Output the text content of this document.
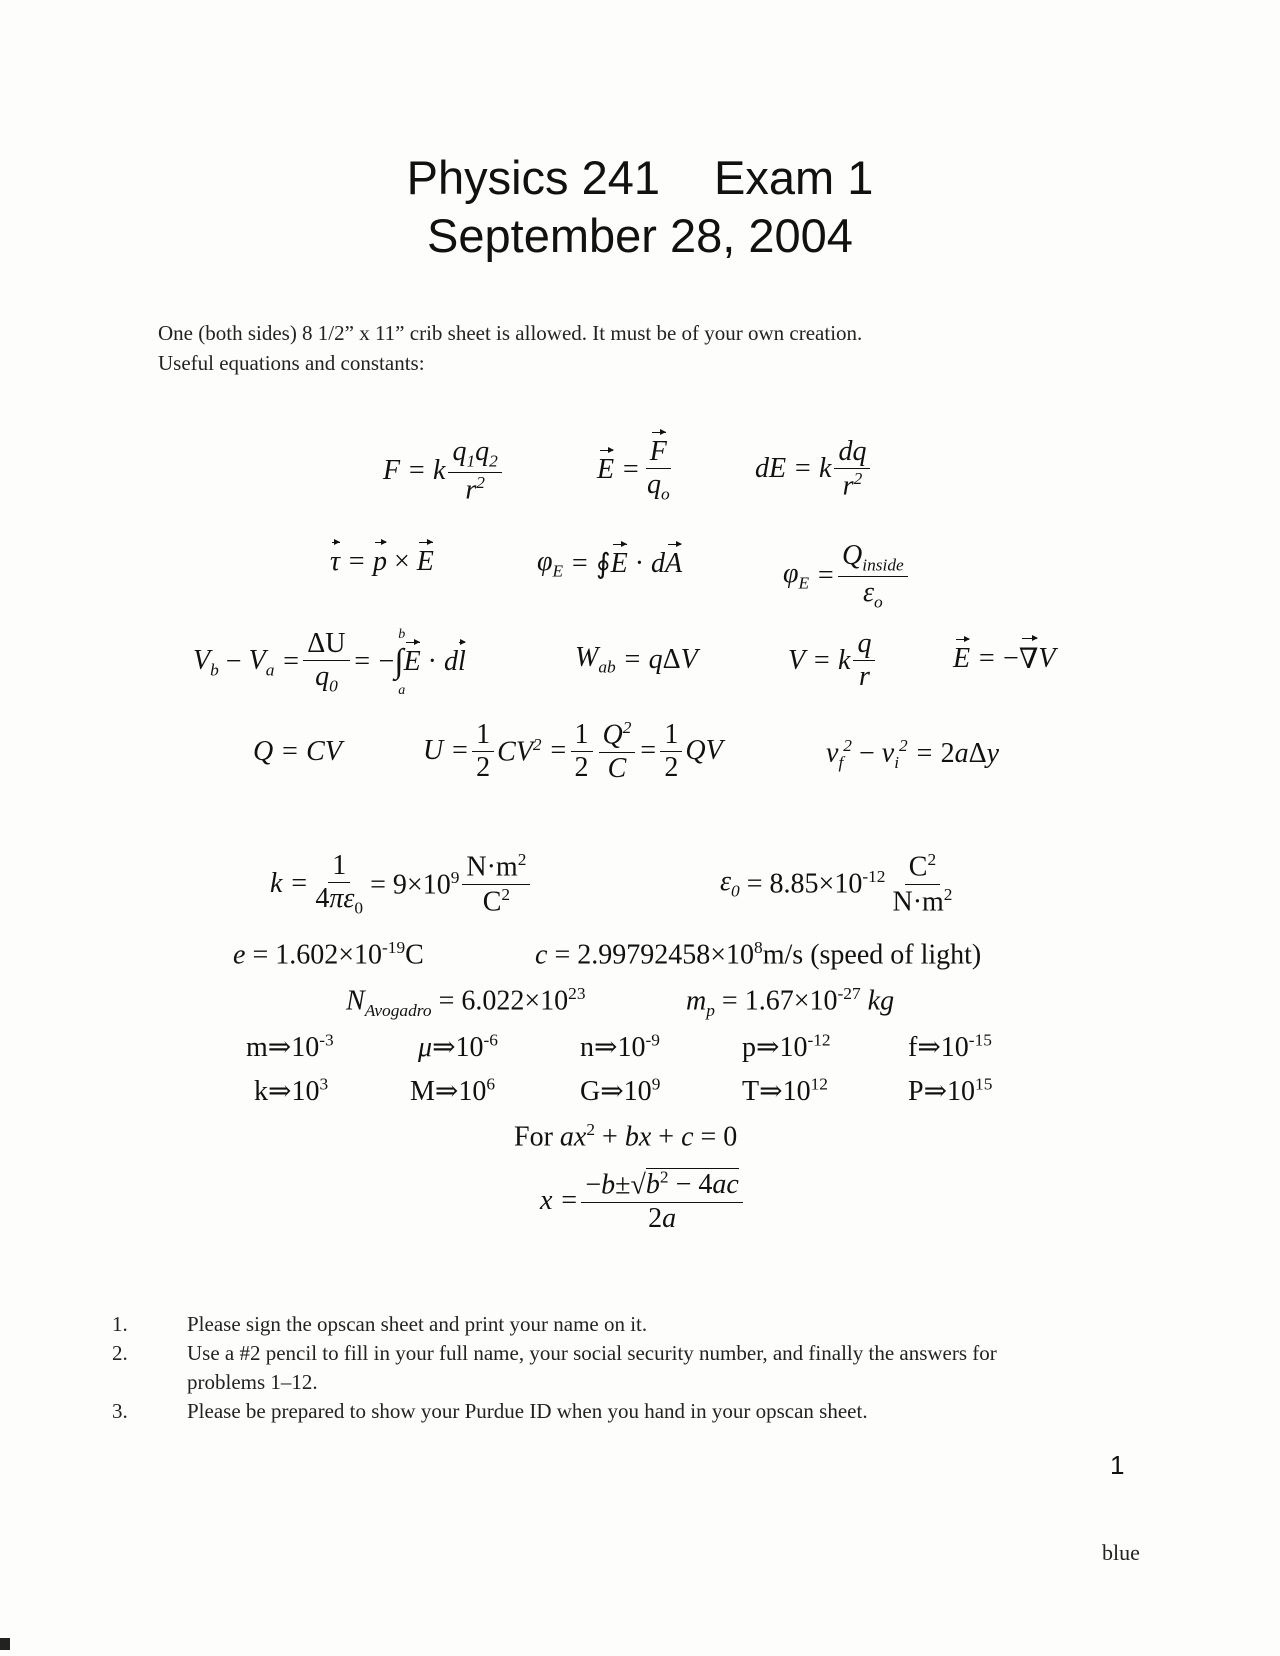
Physics 241 Exam 1
September 28, 2004
One (both sides) 8 1/2” x 11” crib sheet is allowed. It must be of your own creation.
Useful equations and constants:
F = k $\frac{q_1q_2}{r^2}$	$E = \frac{F}{q_o}$	dE = k $\frac{dq}{r^2}$
τ = p
×
E	$\varphi_E$ = ∮ E
·
d A	$\varphi_E = \frac{Q_{inside}}{\varepsilon_o}$
$V_b$
−
$V_a = \frac{\Delta U}{q_0}$ = − ∫
b
a
E
·
d l	$W_{ab} = q$ Δ V	V = k $\frac{q}{r}$	E = − ∇ V
Q = CV	$U = \frac{1}{2} CV^2 = \frac{1}{2} \frac{Q^2}{C} = \frac{1}{2}$ QV	$v_f^2$
−
$v_i^2 = 2$ a Δ y
$k = \frac{1}{4\pi\varepsilon_0} = 9\times 10^9 \frac{N\cdot m^2}{C^2}$	$\varepsilon_0$
= $8.85\times 10^{-12} \frac{C^2}{N\cdot m^2}$
$e = 1.602\times 10^{-19}C$	$c = 2.99792458\times 10^8m/s$ (speed of light)
$N_{Avogadro} = 6.022\times 10^{23}$	$m_p = 1.67\times 10^{-27}$ kg
$m\Rightarrow 10^{-3}$	$\mu\Rightarrow 10^{-6}$	$n\Rightarrow 10^{-9}$	$p\Rightarrow 10^{-12}$	$f\Rightarrow 10^{-15}$
$k\Rightarrow 10^3$	$M\Rightarrow 10^6$	$G\Rightarrow 10^9$	$T\Rightarrow 10^{12}$	$P\Rightarrow 10^{15}$
For $ax^2$ + bx + c = 0
$x = \frac{-b\pm√b^2 - 4ac}{2a}$
1.	Please sign the opscan sheet and print your name on it.
2.	Use a #2 pencil to fill in your full name, your social security number, and finally the answers for problems 1–12.
3.	Please be prepared to show your Purdue ID when you hand in your opscan sheet.
1
blue
